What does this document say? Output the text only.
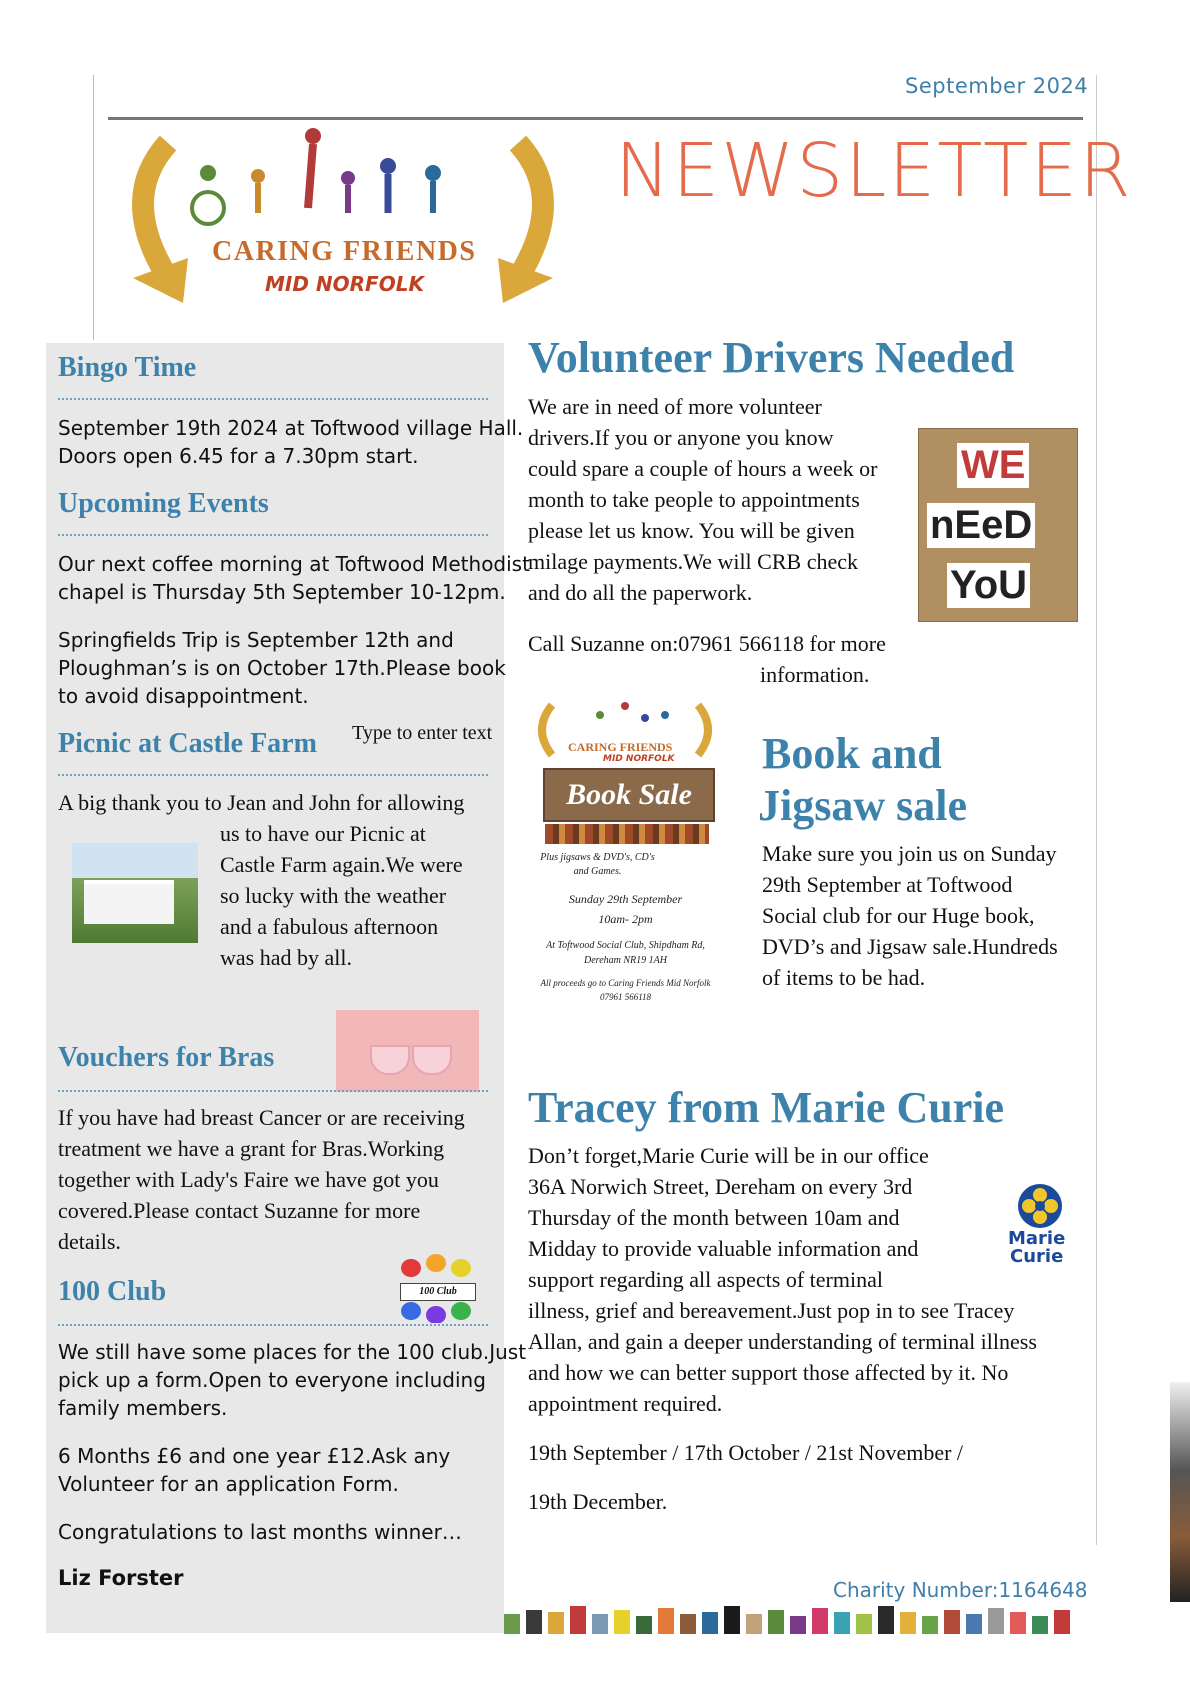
September 2024
NEWSLETTER
CARING FRIENDS
MID NORFOLK
Bingo Time
September 19th 2024 at Toftwood village Hall.
Doors open 6.45 for a 7.30pm start.
Upcoming Events
Our next coffee morning at Toftwood Methodist
chapel is Thursday 5th September 10-12pm.
Springfields Trip is September 12th and
Ploughman’s is on October 17th.Please book
to avoid disappointment.
Picnic at Castle Farm Type to enter text
A big thank you to Jean and John for allowing
us to have our Picnic at
Castle Farm again.We were
so lucky with the weather
and a fabulous afternoon
was had by all.
Vouchers for Bras
If you have had breast Cancer or are receiving
treatment we have a grant for Bras.Working
together with Lady's Faire we have got you
covered.Please contact Suzanne for more
details.
100 Club	100 Club
We still have some places for the 100 club.Just
pick up a form.Open to everyone including
family members.
6 Months £6 and one year £12.Ask any
Volunteer for an application Form.
Congratulations to last months winner…
Liz Forster
Volunteer Drivers Needed
We are in need of more volunteer
drivers.If you or anyone you know
could spare a couple of hours a week or
month to take people to appointments
please let us know. You will be given
milage payments.We will CRB check
and do all the paperwork.
Call Suzanne on:07961 566118 for more
information.
WE
nEeD
YoU
CARING FRIENDS
MID NORFOLK
Book Sale
Plus jigsaws & DVD's, CD's
and Games.
Sunday 29th September
10am- 2pm
At Toftwood Social Club, Shipdham Rd,
Dereham NR19 1AH
All proceeds go to Caring Friends Mid Norfolk
07961 566118
Book and
Jigsaw sale
Make sure you join us on Sunday
29th September at Toftwood
Social club for our Huge book,
DVD’s and Jigsaw sale.Hundreds
of items to be had.
Tracey from Marie Curie
Don’t forget,Marie Curie will be in our office
36A Norwich Street, Dereham on every 3rd
Thursday of the month between 10am and
Midday to provide valuable information and
support regarding all aspects of terminal
illness, grief and bereavement.Just pop in to see Tracey
Allan, and gain a deeper understanding of terminal illness
and how we can better support those affected by it. No
appointment required.
19th September / 17th October / 21st November /
19th December.
Marie
Curie
Charity Number:1164648
